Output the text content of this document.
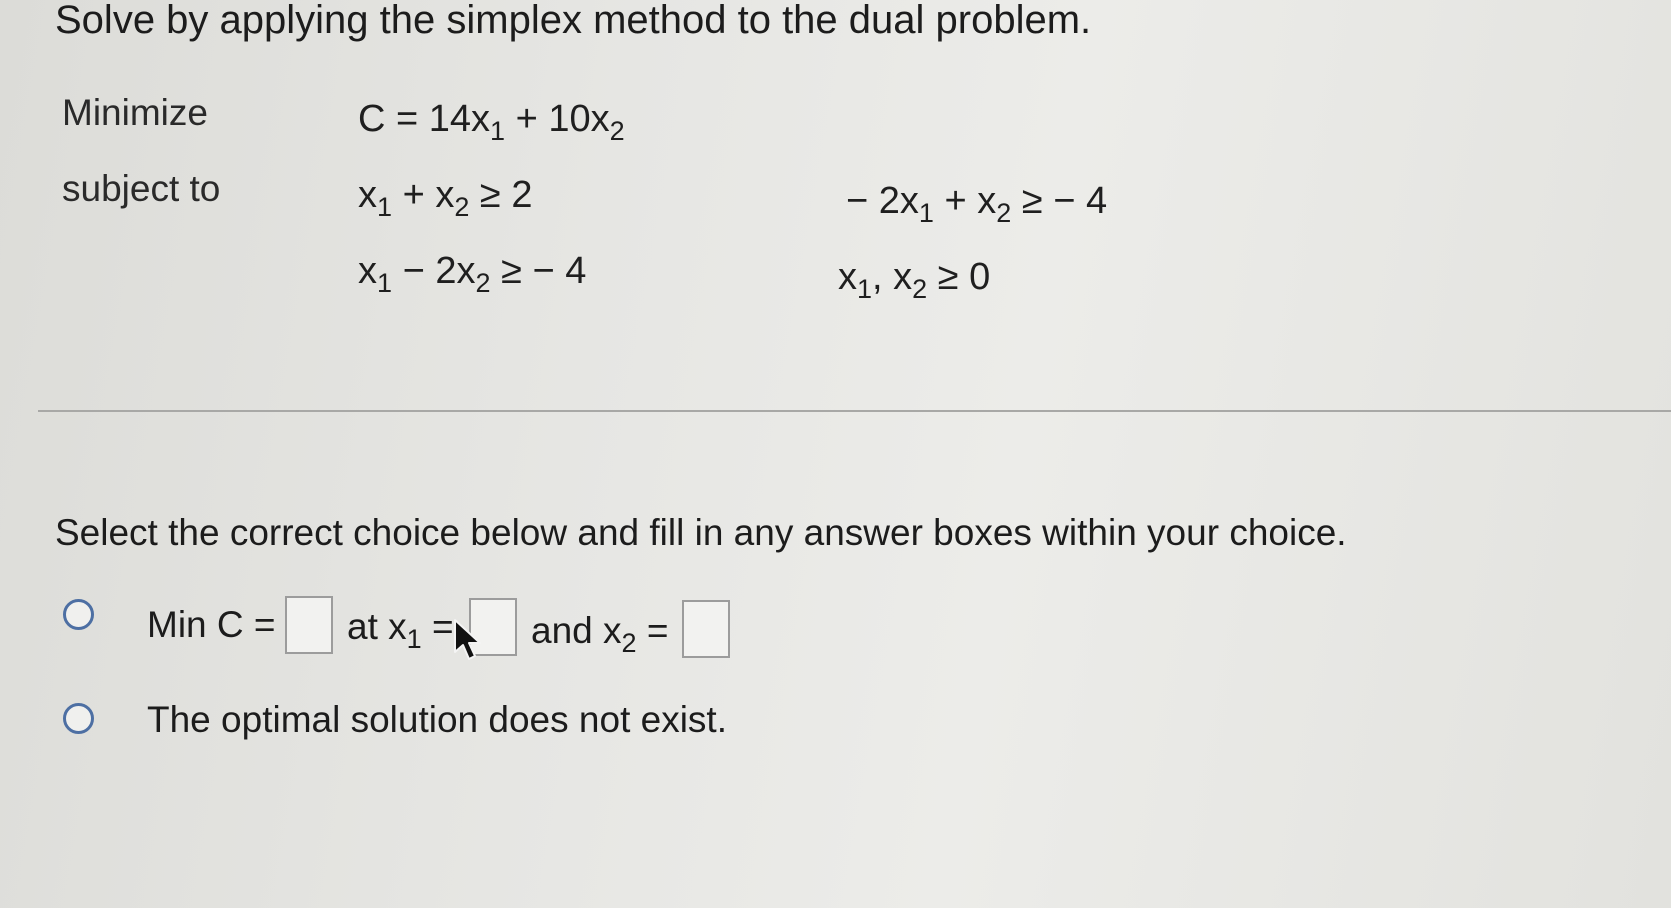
Solve by applying the simplex method to the dual problem.
Minimize	$C = 14x_1 + 10x_2$
subject to	$x_1 + x_2 \ge 2$	− $2x_1 + x_2$ ≥ − 4
$x_1 - 2x_2$ ≥ − 4	$x_1$, $x_2 \ge 0$
Select the correct choice below and fill in any answer boxes within your choice.
Min C = at $x_1$ = and $x_2$ =
The optimal solution does not exist.
